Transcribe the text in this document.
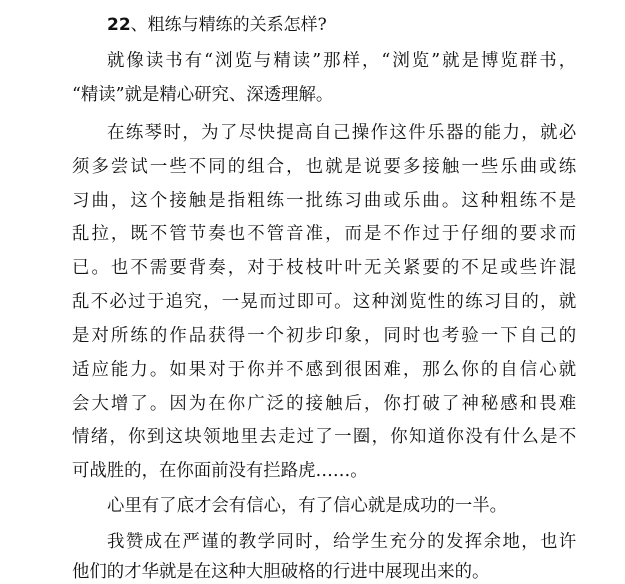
22、粗练与精练的关系怎样?

就像读书有“浏览与精读”那样，“浏览”就是博览群书，

“精读”就是精心研究、深透理解。

在练琴时，为了尽快提高自己操作这件乐器的能力，就必

须多尝试一些不同的组合，也就是说要多接触一些乐曲或练

习曲，这个接触是指粗练一批练习曲或乐曲。这种粗练不是

乱拉，既不管节奏也不管音准，而是不作过于仔细的要求而

已。也不需要背奏，对于枝枝叶叶无关紧要的不足或些许混

乱不必过于追究，一晃而过即可。这种浏览性的练习目的，就

是对所练的作品获得一个初步印象，同时也考验一下自己的

适应能力。如果对于你并不感到很困难，那么你的自信心就

会大增了。因为在你广泛的接触后，你打破了神秘感和畏难

情绪，你到这块领地里去走过了一圈，你知道你没有什么是不

可战胜的，在你面前没有拦路虎……。

心里有了底才会有信心，有了信心就是成功的一半。

我赞成在严谨的教学同时，给学生充分的发挥余地，也许

他们的才华就是在这种大胆破格的行进中展现出来的。
